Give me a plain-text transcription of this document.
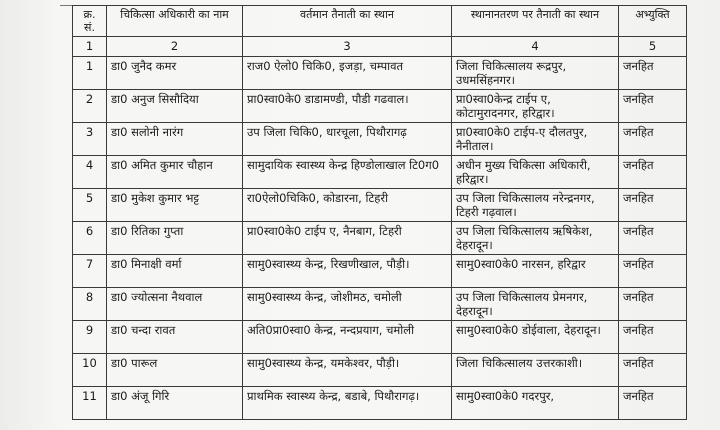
क्र. सं.	चिकित्सा अधिकारी का नाम	वर्तमान तैनाती का स्थान	स्थानानतरण पर तैनाती का स्थान	अभ्युक्ति
1	2	3	4	5
1	डा0 जुनैद कमर	राज0 ऐलो0 चिकि0, इजड़ा, चम्पावत	जिला चिकित्सालय रूद्रपुर, उधमसिंहनगर।	जनहित
2	डा0 अनुज सिसौदिया	प्रा0स्वा0के0 डाडामण्डी, पौडी गढवाल।	प्रा0स्वा0केन्द्र टाईप ए, कोटामुरादनगर, हरिद्वार।	जनहित
3	डा0 सलोनी नारंग	उप जिला चिकि0, धारचूला, पिथौरागढ़	प्रा0स्वा0के0 टाईप-ए दौलतपुर, नैनीताल।	जनहित
4	डा0 अमित कुमार चौहान	सामुदायिक स्वास्थ्य केन्द्र हिण्डोलाखाल टि0ग0	अधीन मुख्य चिकित्सा अधिकारी, हरिद्वार।	जनहित
5	डा0 मुकेश कुमार भट्ट	रा0ऐलो0चिकि0, कोडारना, टिहरी	उप जिला चिकित्सालय नरेन्द्रनगर, टिहरी गढ़वाल।	जनहित
6	डा0 रितिका गुप्ता	प्रा0स्वा0के0 टाईप ए, नैनबाग, टिहरी	उप जिला चिकित्सालय ऋषिकेश, देहरादून।	जनहित
7	डा0 मिनाक्षी वर्मा	सामु0स्वास्थ्य केन्द्र, रिखणीखाल, पौड़ी।	सामु0स्वा0के0 नारसन, हरिद्वार	जनहित
8	डा0 ज्योत्सना नैथवाल	सामु0स्वास्थ्य केन्द्र, जोशीमठ, चमोली	उप जिला चिकित्सालय प्रेमनगर, देहरादून।	जनहित
9	डा0 चन्दा रावत	अति0प्रा0स्वा0 केन्द्र, नन्दप्रयाग, चमोली	सामु0स्वा0के0 डोईवाला, देहरादून।	जनहित
10	डा0 पारूल	सामु0स्वास्थ्य केन्द्र, यमकेश्वर, पौड़ी।	जिला चिकित्सालय उत्तरकाशी।	जनहित
11	डा0 अंजू गिरि	प्राथमिक स्वास्थ्य केन्द्र, बडाबे, पिथौरागढ़।	सामु0स्वा0के0 गदरपुर,	जनहित
